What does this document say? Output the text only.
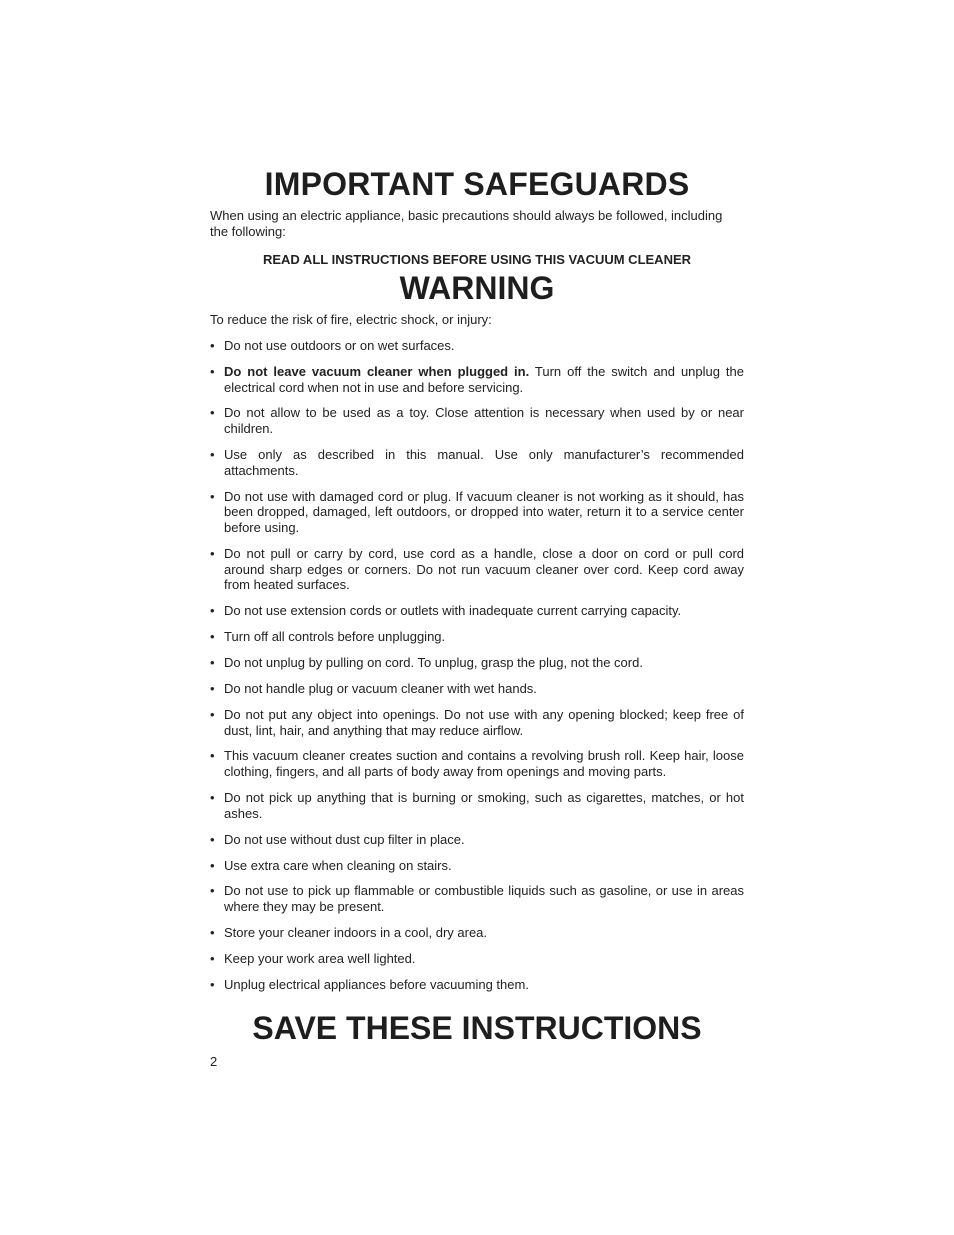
IMPORTANT SAFEGUARDS

When using an electric appliance, basic precautions should always be followed, including the following:

READ ALL INSTRUCTIONS BEFORE USING THIS VACUUM CLEANER

WARNING

To reduce the risk of fire, electric shock, or injury:

• Do not use outdoors or on wet surfaces.
• Do not leave vacuum cleaner when plugged in. Turn off the switch and unplug the electrical cord when not in use and before servicing.
• Do not allow to be used as a toy. Close attention is necessary when used by or near children.
• Use only as described in this manual. Use only manufacturer’s recommended attachments.
• Do not use with damaged cord or plug. If vacuum cleaner is not working as it should, has been dropped, damaged, left outdoors, or dropped into water, return it to a service center before using.
• Do not pull or carry by cord, use cord as a handle, close a door on cord or pull cord around sharp edges or corners. Do not run vacuum cleaner over cord. Keep cord away from heated surfaces.
• Do not use extension cords or outlets with inadequate current carrying capacity.
• Turn off all controls before unplugging.
• Do not unplug by pulling on cord. To unplug, grasp the plug, not the cord.
• Do not handle plug or vacuum cleaner with wet hands.
• Do not put any object into openings. Do not use with any opening blocked; keep free of dust, lint, hair, and anything that may reduce airflow.
• This vacuum cleaner creates suction and contains a revolving brush roll. Keep hair, loose clothing, fingers, and all parts of body away from openings and moving parts.
• Do not pick up anything that is burning or smoking, such as cigarettes, matches, or hot ashes.
• Do not use without dust cup filter in place.
• Use extra care when cleaning on stairs.
• Do not use to pick up flammable or combustible liquids such as gasoline, or use in areas where they may be present.
• Store your cleaner indoors in a cool, dry area.
• Keep your work area well lighted.
• Unplug electrical appliances before vacuuming them.
SAVE THESE INSTRUCTIONS
2
